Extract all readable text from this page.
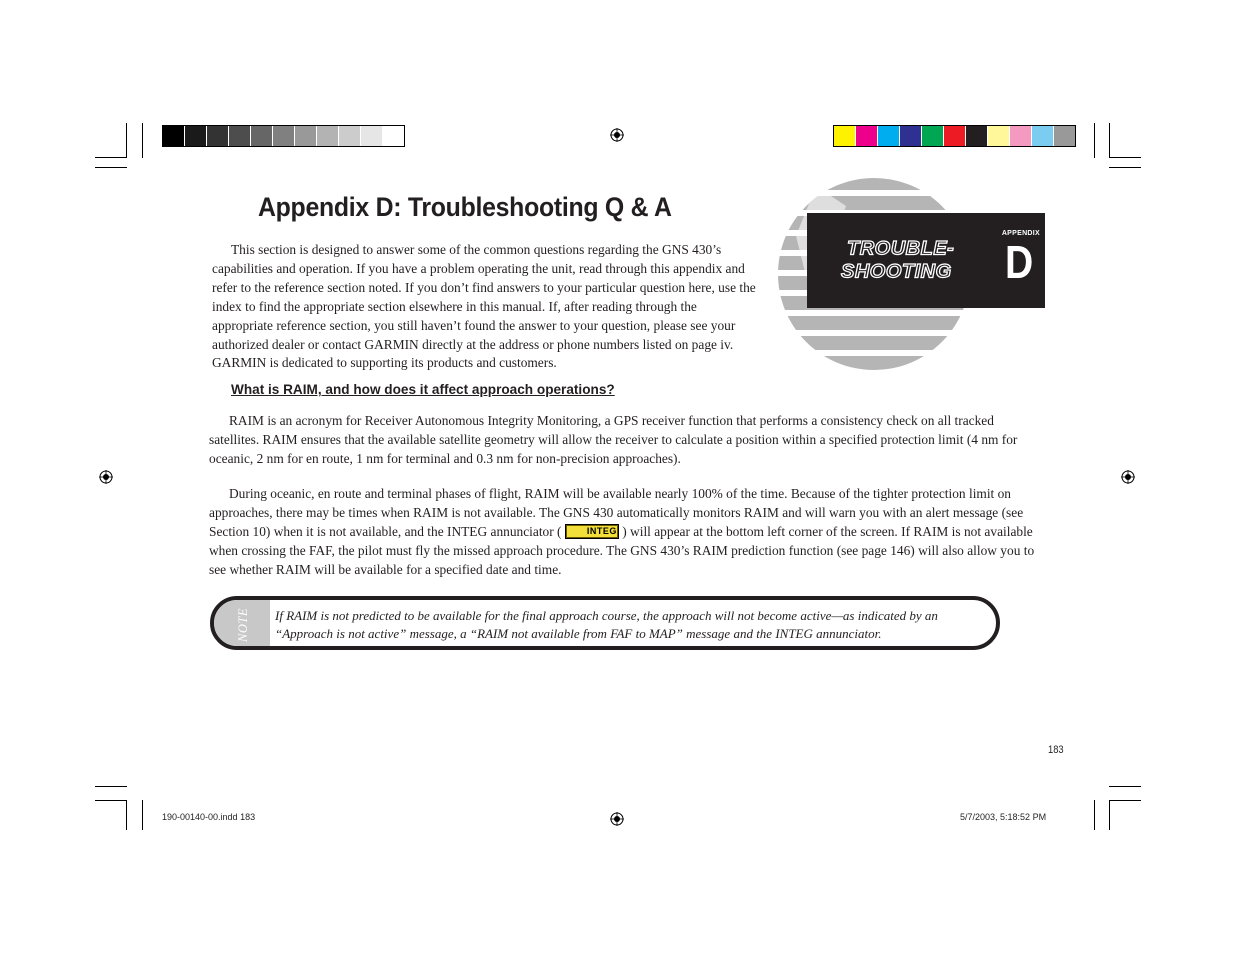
Appendix D: Troubleshooting Q & A

This section is designed to answer some of the common questions regarding the GNS 430’s capabilities and operation. If you have a problem operating the unit, read through this appendix and refer to the reference section noted. If you don’t find answers to your particular question here, use the index to find the appropriate section elsewhere in this manual. If, after reading through the appropriate reference section, you still haven’t found the answer to your question, please see your authorized dealer or contact GARMIN directly at the address or phone numbers listed on page iv. GARMIN is dedicated to supporting its products and customers.

APPENDIX
D
TROUBLE-
SHOOTING
What is RAIM, and how does it affect approach operations?

RAIM is an acronym for Receiver Autonomous Integrity Monitoring, a GPS receiver function that performs a consistency check on all tracked satellites. RAIM ensures that the available satellite geometry will allow the receiver to calculate a position within a specified protection limit (4 nm for oceanic, 2 nm for en route, 1 nm for terminal and 0.3 nm for non-precision approaches).

During oceanic, en route and terminal phases of flight, RAIM will be available nearly 100% of the time. Because of the tighter protection limit on approaches, there may be times when RAIM is not available. The GNS 430 automatically monitors RAIM and will warn you with an alert message (see Section 10) when it is not available, and the INTEG annunciator (	INTEG ) will appear at the bottom left corner of the screen. If RAIM is not available when crossing the FAF, the pilot must fly the missed approach procedure. The GNS 430’s RAIM prediction function (see page 146) will also allow you to see whether RAIM will be available for a specified date and time.

NOTE If RAIM is not predicted to be available for the final approach course, the approach will not become active—as indicated by an “Approach is not active” message, a “RAIM not available from FAF to MAP” message and the INTEG annunciator.
183
190-00140-00.indd 183	5/7/2003, 5:18:52 PM
